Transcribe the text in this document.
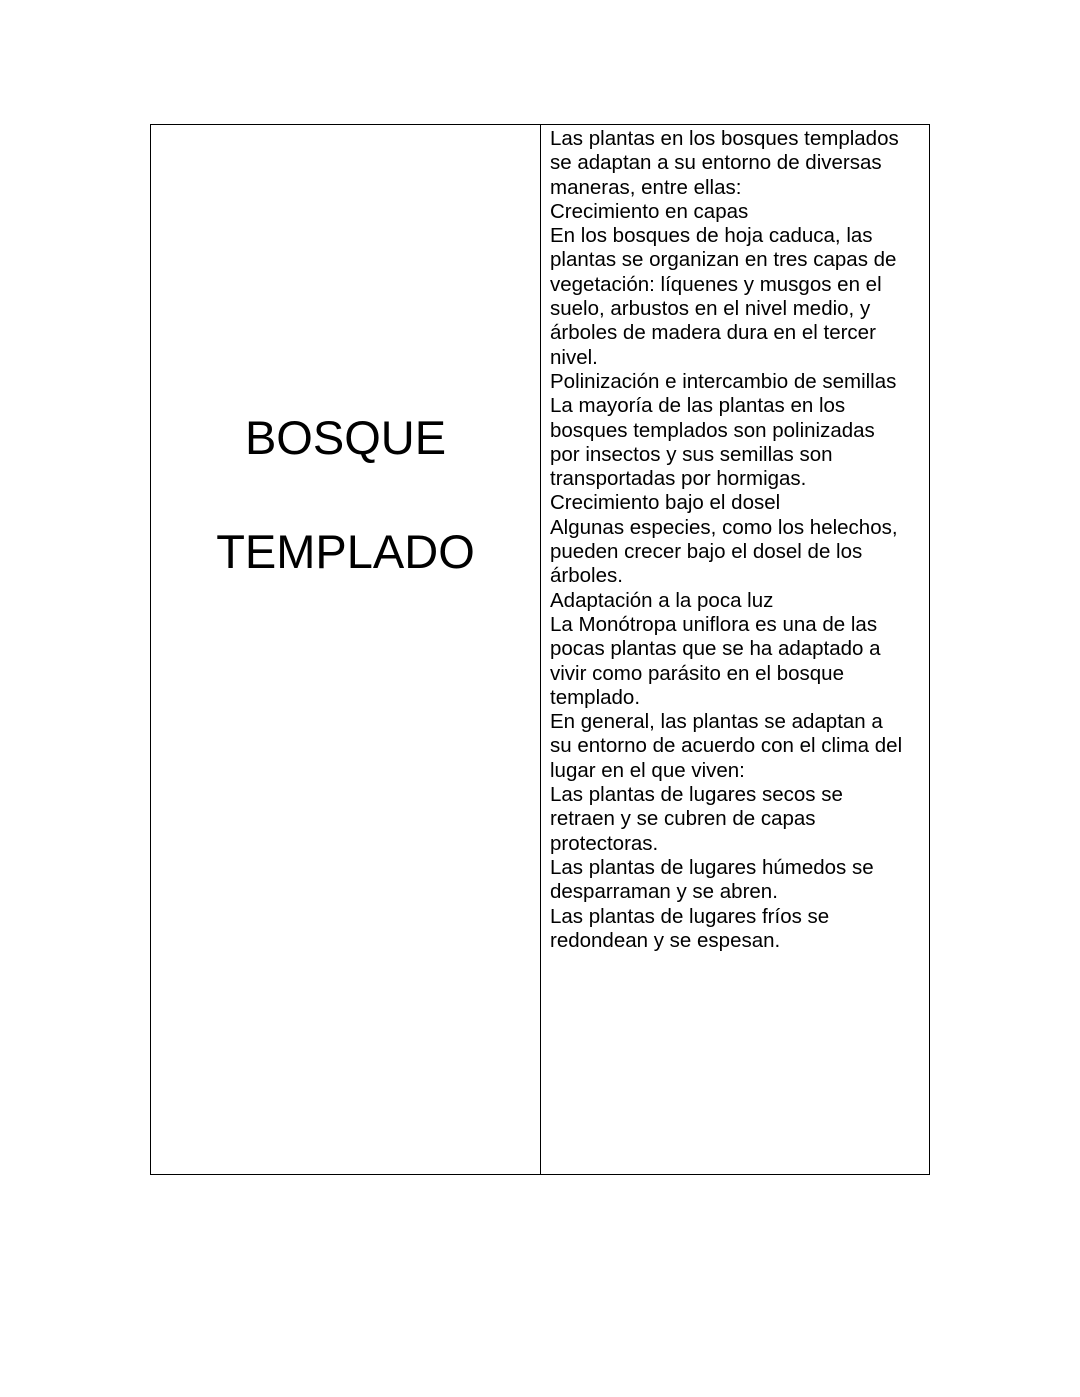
BOSQUE
TEMPLADO
Las plantas en los bosques templados
se adaptan a su entorno de diversas
maneras, entre ellas:
Crecimiento en capas
En los bosques de hoja caduca, las
plantas se organizan en tres capas de
vegetación: líquenes y musgos en el
suelo, arbustos en el nivel medio, y
árboles de madera dura en el tercer
nivel.
Polinización e intercambio de semillas
La mayoría de las plantas en los
bosques templados son polinizadas
por insectos y sus semillas son
transportadas por hormigas.
Crecimiento bajo el dosel
Algunas especies, como los helechos,
pueden crecer bajo el dosel de los
árboles.
Adaptación a la poca luz
La Monótropa uniflora es una de las
pocas plantas que se ha adaptado a
vivir como parásito en el bosque
templado.
En general, las plantas se adaptan a
su entorno de acuerdo con el clima del
lugar en el que viven:
Las plantas de lugares secos se
retraen y se cubren de capas
protectoras.
Las plantas de lugares húmedos se
desparraman y se abren.
Las plantas de lugares fríos se
redondean y se espesan.
